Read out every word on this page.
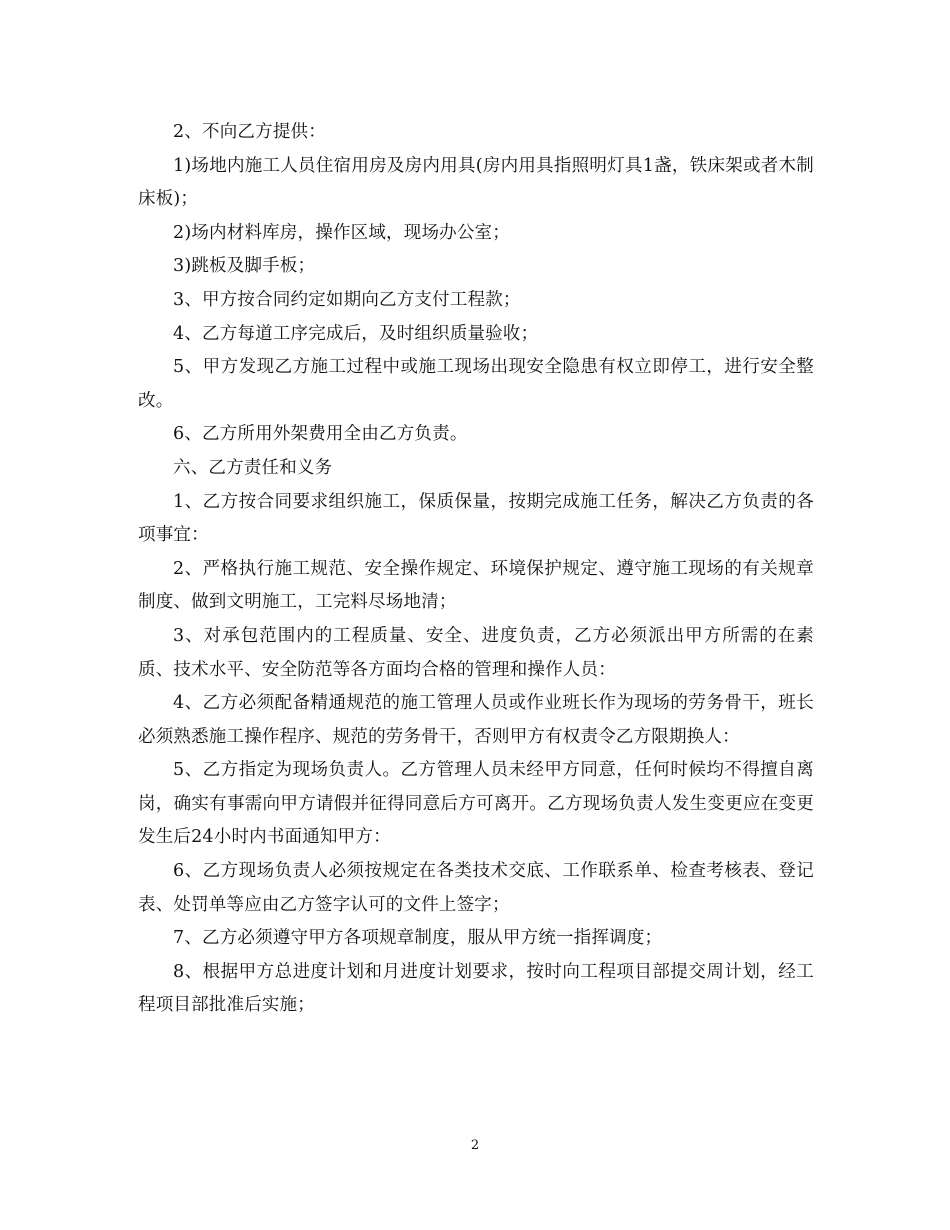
2、不向乙方提供：

1)场地内施工人员住宿用房及房内用具(房内用具指照明灯具1盏，铁床架或者木制床板)；

2)场内材料库房，操作区域，现场办公室；

3)跳板及脚手板；

3、甲方按合同约定如期向乙方支付工程款；

4、乙方每道工序完成后，及时组织质量验收；

5、甲方发现乙方施工过程中或施工现场出现安全隐患有权立即停工，进行安全整改。

6、乙方所用外架费用全由乙方负责。

六、乙方责任和义务

1、乙方按合同要求组织施工，保质保量，按期完成施工任务，解决乙方负责的各项事宜：

2、严格执行施工规范、安全操作规定、环境保护规定、遵守施工现场的有关规章制度、做到文明施工，工完料尽场地清；

3、对承包范围内的工程质量、安全、进度负责，乙方必须派出甲方所需的在素质、技术水平、安全防范等各方面均合格的管理和操作人员：

4、乙方必须配备精通规范的施工管理人员或作业班长作为现场的劳务骨干，班长必须熟悉施工操作程序、规范的劳务骨干，否则甲方有权责令乙方限期换人：

5、乙方指定为现场负责人。乙方管理人员未经甲方同意，任何时候均不得擅自离岗，确实有事需向甲方请假并征得同意后方可离开。乙方现场负责人发生变更应在变更发生后24小时内书面通知甲方：

6、乙方现场负责人必须按规定在各类技术交底、工作联系单、检查考核表、登记表、处罚单等应由乙方签字认可的文件上签字；

7、乙方必须遵守甲方各项规章制度，服从甲方统一指挥调度；

8、根据甲方总进度计划和月进度计划要求，按时向工程项目部提交周计划，经工程项目部批准后实施；

2
